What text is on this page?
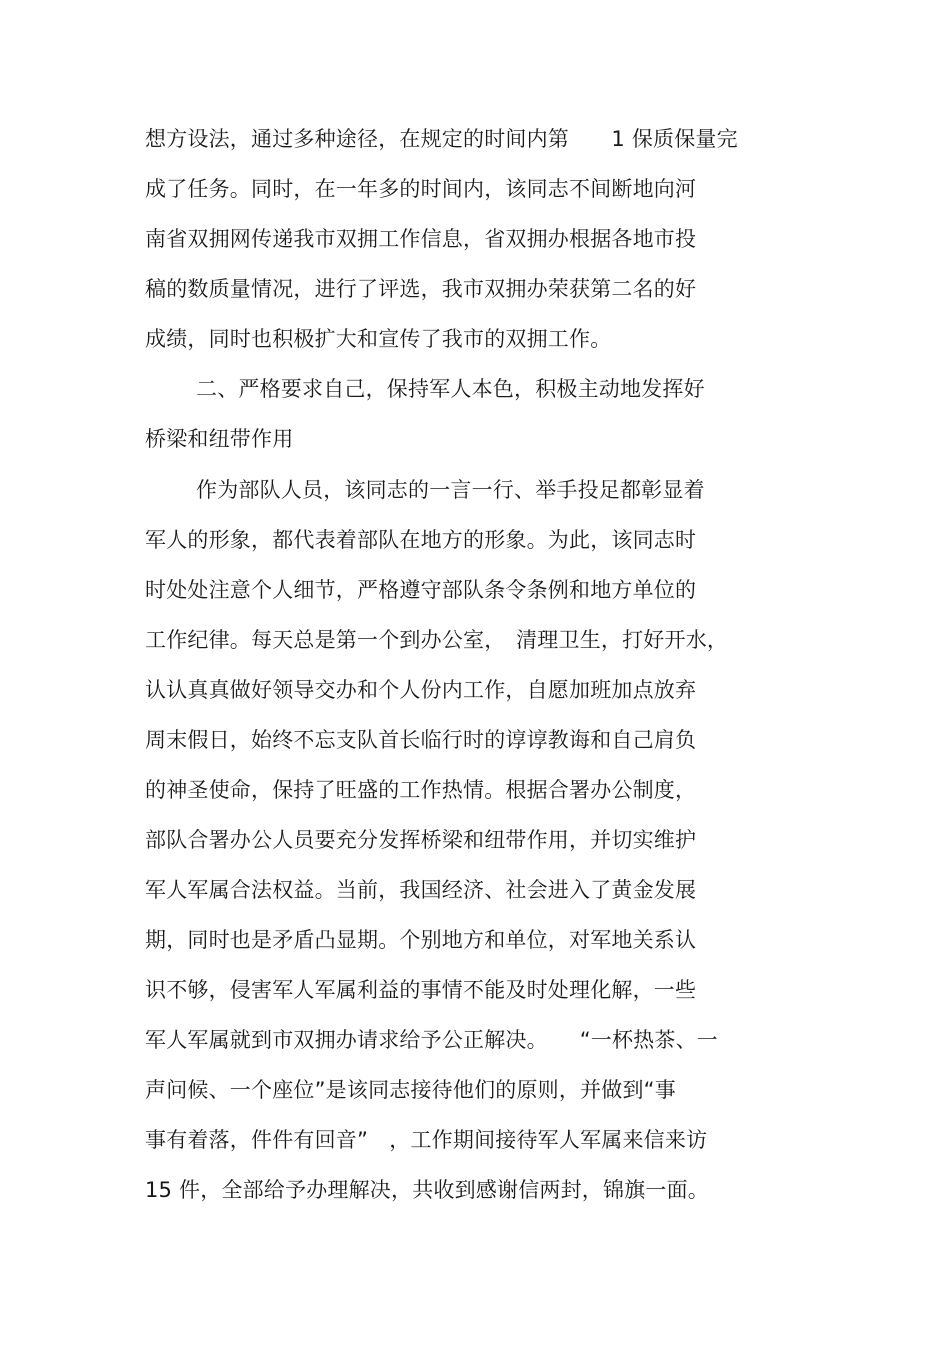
想方设法，通过多种途径，在规定的时间内第　　1 保质保量完
成了任务。同时，在一年多的时间内，该同志不间断地向河
南省双拥网传递我市双拥工作信息，省双拥办根据各地市投
稿的数质量情况，进行了评选，我市双拥办荣获第二名的好
成绩，同时也积极扩大和宣传了我市的双拥工作。
二、严格要求自己，保持军人本色，积极主动地发挥好
桥梁和纽带作用
作为部队人员，该同志的一言一行、举手投足都彰显着
军人的形象，都代表着部队在地方的形象。为此，该同志时
时处处注意个人细节，严格遵守部队条令条例和地方单位的
工作纪律。每天总是第一个到办公室，　清理卫生，打好开水，
认认真真做好领导交办和个人份内工作，自愿加班加点放弃
周末假日，始终不忘支队首长临行时的谆谆教诲和自己肩负
的神圣使命，保持了旺盛的工作热情。根据合署办公制度，
部队合署办公人员要充分发挥桥梁和纽带作用，并切实维护
军人军属合法权益。当前，我国经济、社会进入了黄金发展
期，同时也是矛盾凸显期。个别地方和单位，对军地关系认
识不够，侵害军人军属利益的事情不能及时处理化解，一些
军人军属就到市双拥办请求给予公正解决。　　“一杯热茶、一
声问候、一个座位”是该同志接待他们的原则，并做到“事
事有着落，件件有回音”　，工作期间接待军人军属来信来访
15 件，全部给予办理解决，共收到感谢信两封，锦旗一面。
